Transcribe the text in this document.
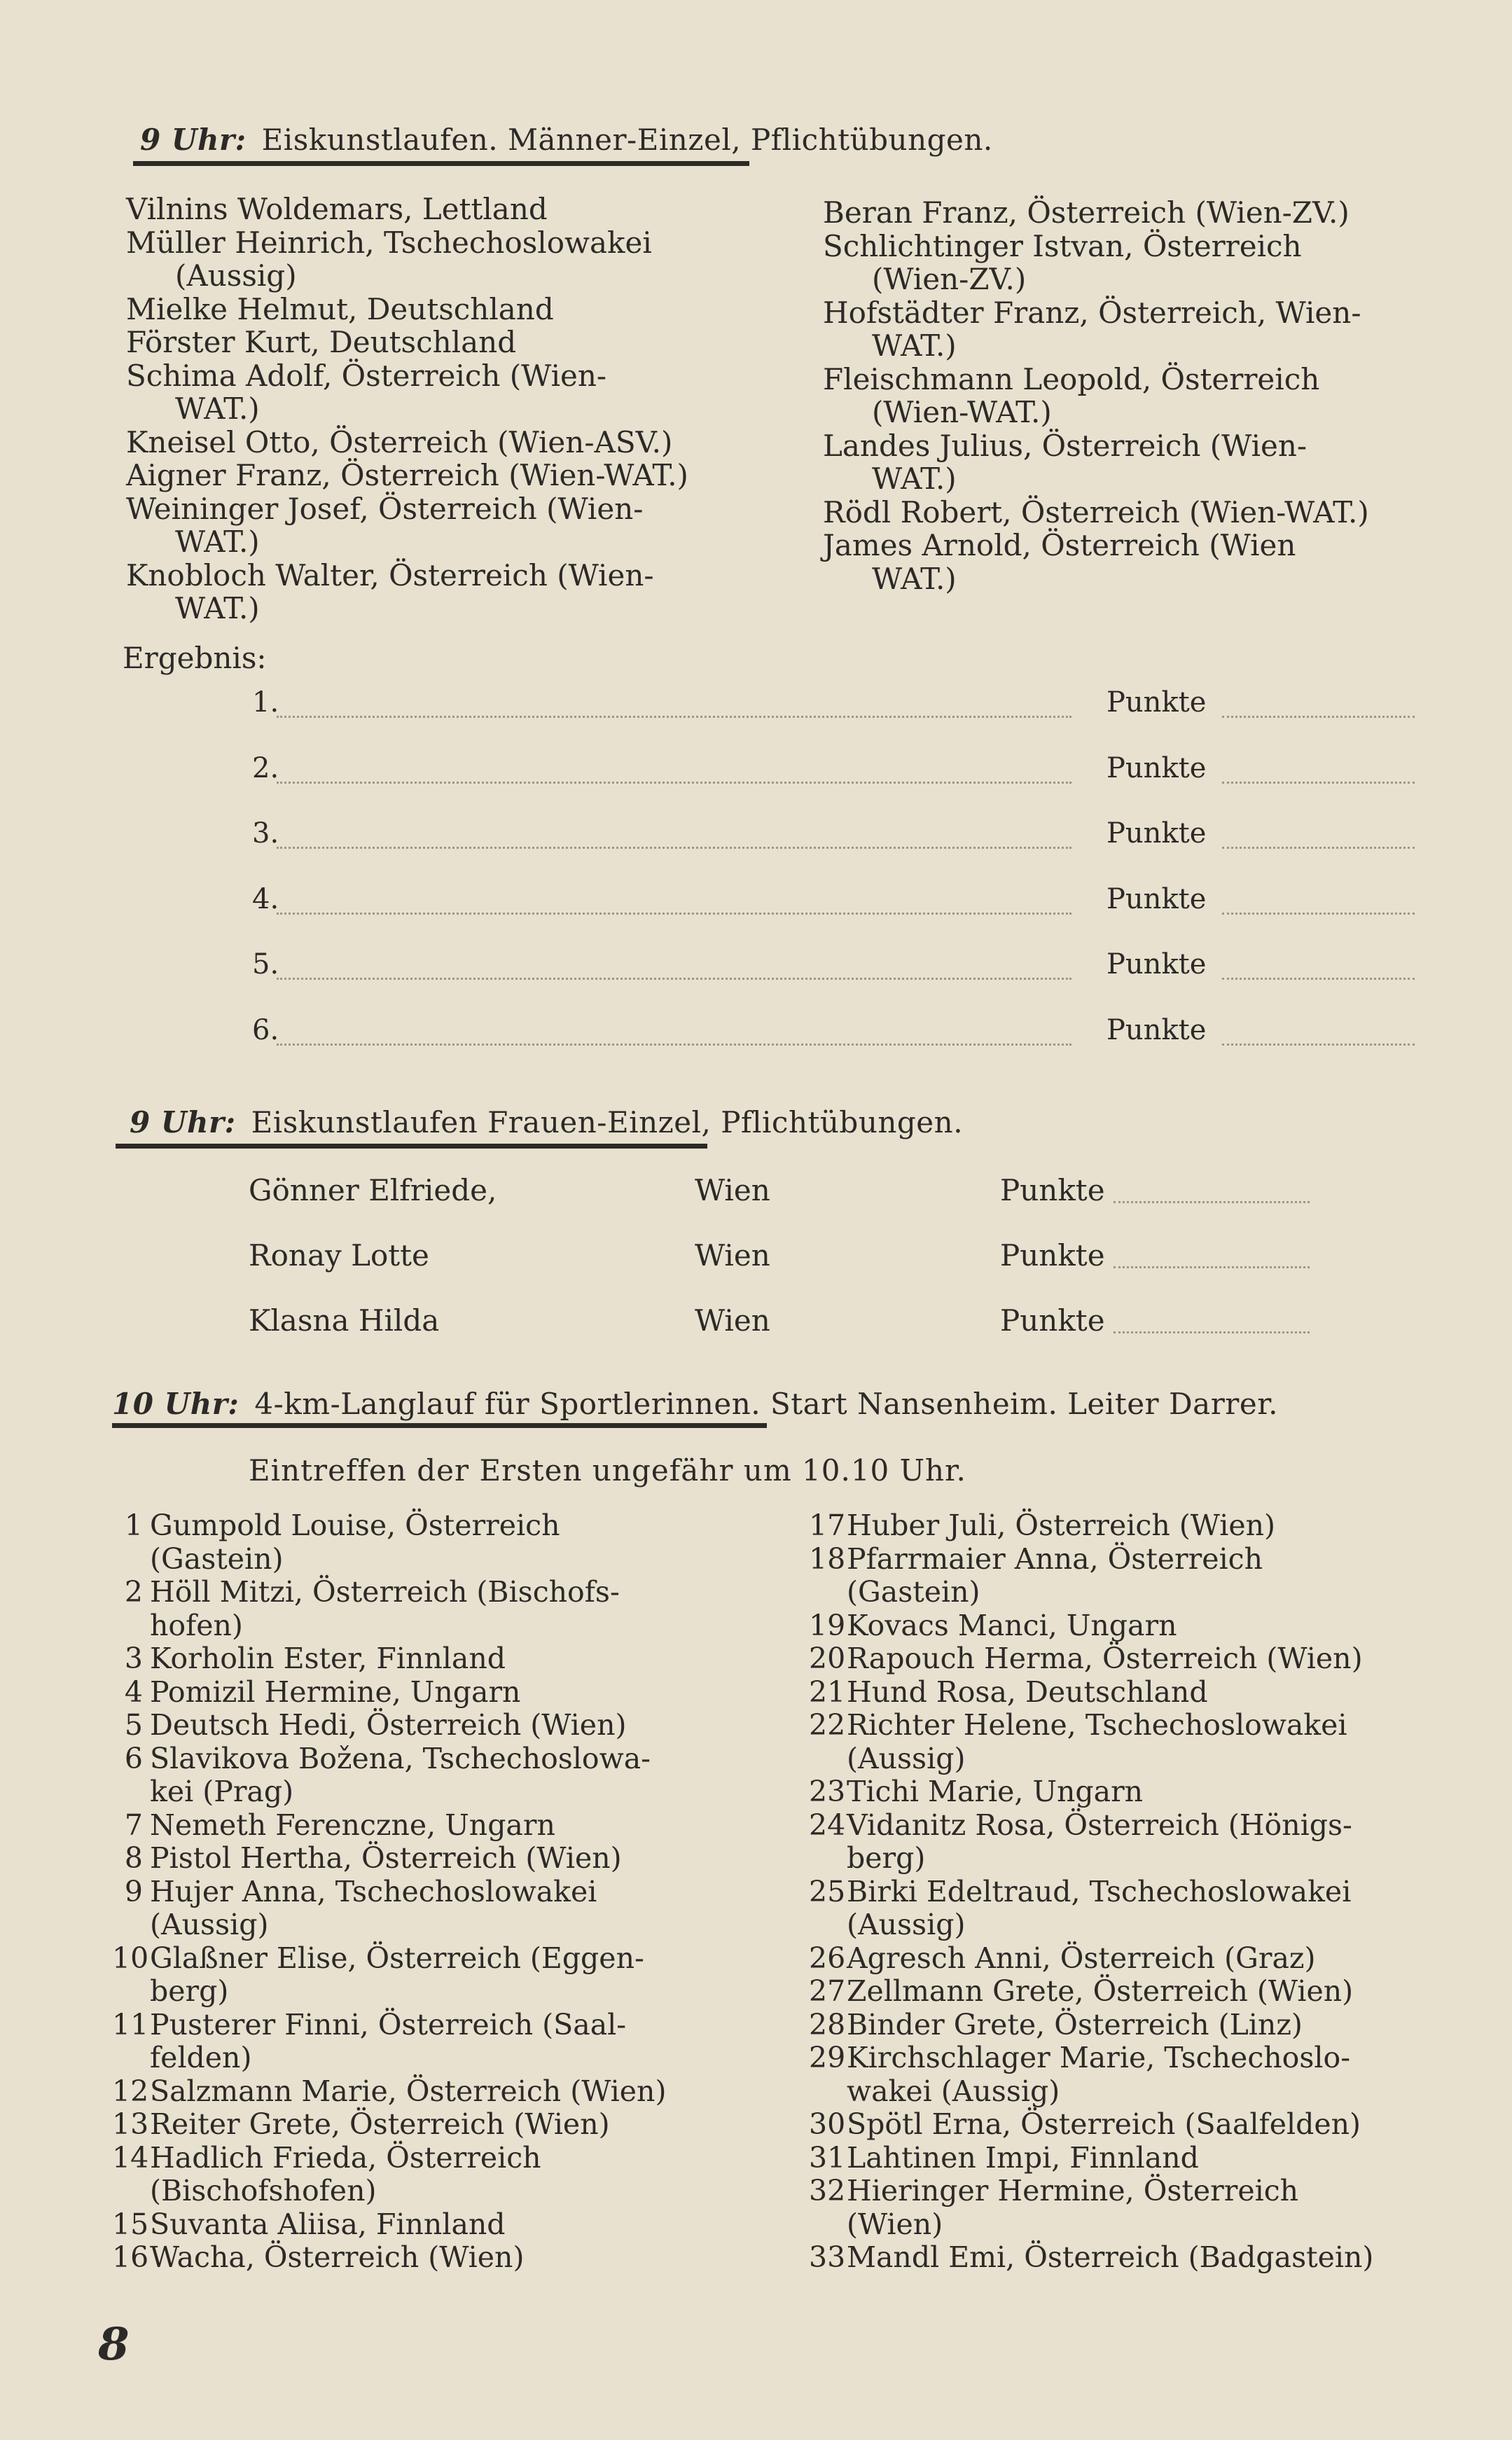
9 Uhr: Eiskunstlaufen. Männer-Einzel, Pflichtübungen.
Vilnins Woldemars, Lettland
Müller Heinrich, Tschechoslowakei
(Aussig)
Mielke Helmut, Deutschland
Förster Kurt, Deutschland
Schima Adolf, Österreich (Wien-
WAT.)
Kneisel Otto, Österreich (Wien-ASV.)
Aigner Franz, Österreich (Wien-WAT.)
Weininger Josef, Österreich (Wien-
WAT.)
Knobloch Walter, Österreich (Wien-
WAT.)
Beran Franz, Österreich (Wien-ZV.)
Schlichtinger Istvan, Österreich
(Wien-ZV.)
Hofstädter Franz, Österreich, Wien-
WAT.)
Fleischmann Leopold, Österreich
(Wien-WAT.)
Landes Julius, Österreich (Wien-
WAT.)
Rödl Robert, Österreich (Wien-WAT.)
James Arnold, Österreich (Wien
WAT.)
Ergebnis:
1.	Punkte
2.	Punkte
3.	Punkte
4.	Punkte
5.	Punkte
6.	Punkte
9 Uhr: Eiskunstlaufen Frauen-Einzel, Pflichtübungen.
Gönner Elfriede,	Wien	Punkte
Ronay Lotte	Wien	Punkte
Klasna Hilda	Wien	Punkte
10 Uhr: 4-km-Langlauf für Sportlerinnen. Start Nansenheim. Leiter Darrer.
Eintreffen der Ersten ungefähr um 10.10 Uhr.
1 Gumpold Louise, Österreich
(Gastein)
2 Höll Mitzi, Österreich (Bischofs-
hofen)
3 Korholin Ester, Finnland
4 Pomizil Hermine, Ungarn
5 Deutsch Hedi, Österreich (Wien)
6 Slavikova Božena, Tschechoslowa-
kei (Prag)
7 Nemeth Ferenczne, Ungarn
8 Pistol Hertha, Österreich (Wien)
9 Hujer Anna, Tschechoslowakei
(Aussig)
10 Glaßner Elise, Österreich (Eggen-
berg)
11 Pusterer Finni, Österreich (Saal-
felden)
12 Salzmann Marie, Österreich (Wien)
13 Reiter Grete, Österreich (Wien)
14 Hadlich Frieda, Österreich
(Bischofshofen)
15 Suvanta Aliisa, Finnland
16 Wacha, Österreich (Wien)
17 Huber Juli, Österreich (Wien)
18 Pfarrmaier Anna, Österreich
(Gastein)
19 Kovacs Manci, Ungarn
20 Rapouch Herma, Österreich (Wien)
21 Hund Rosa, Deutschland
22 Richter Helene, Tschechoslowakei
(Aussig)
23 Tichi Marie, Ungarn
24 Vidanitz Rosa, Österreich (Hönigs-
berg)
25 Birki Edeltraud, Tschechoslowakei
(Aussig)
26 Agresch Anni, Österreich (Graz)
27 Zellmann Grete, Österreich (Wien)
28 Binder Grete, Österreich (Linz)
29 Kirchschlager Marie, Tschechoslo-
wakei (Aussig)
30 Spötl Erna, Österreich (Saalfelden)
31 Lahtinen Impi, Finnland
32 Hieringer Hermine, Österreich
(Wien)
33 Mandl Emi, Österreich (Badgastein)
8
